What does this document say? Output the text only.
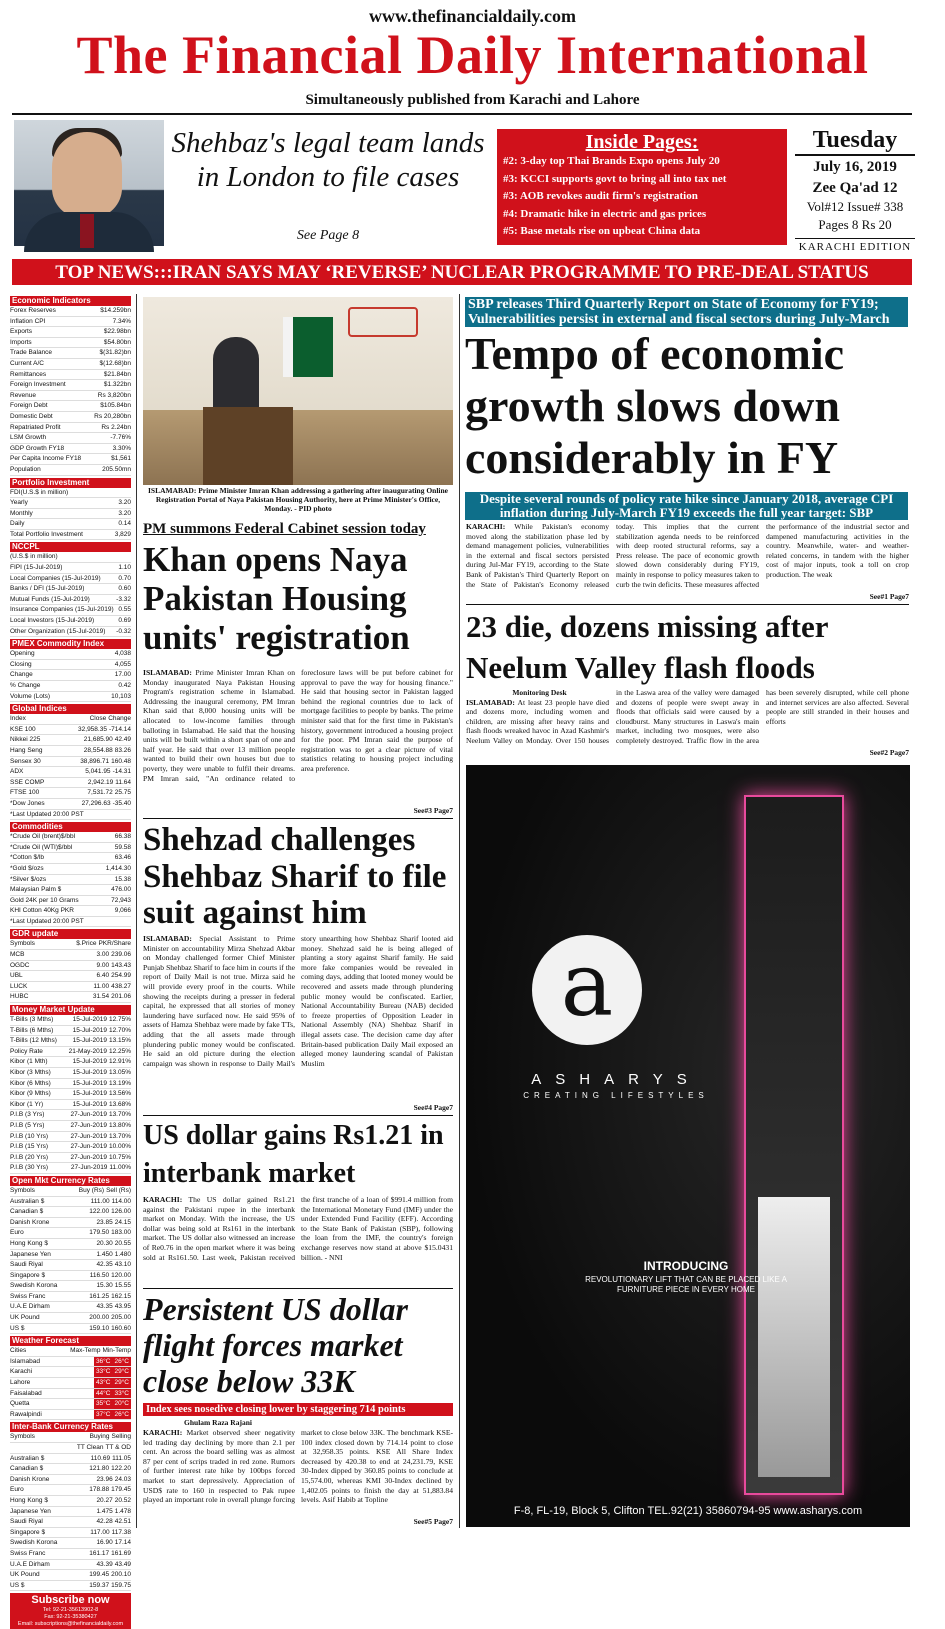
www.thefinancialdaily.com
The Financial Daily International
Simultaneously published from Karachi and Lahore
Shehbaz's legal team lands in London to file cases
See Page 8
Inside Pages:
#2: 3-day top Thai Brands Expo opens July 20
#3: KCCI supports govt to bring all into tax net
#3: AOB revokes audit firm's registration
#4: Dramatic hike in electric and gas prices
#5: Base metals rise on upbeat China data
Tuesday
July 16, 2019
Zee Qa'ad 12
Vol#12 Issue# 338
Pages 8 Rs 20
KARACHI EDITION
TOP NEWS:::IRAN SAYS MAY ‘REVERSE’ NUCLEAR PROGRAMME TO PRE-DEAL STATUS
Economic Indicators
Forex Reserves	$14.259bn
Inflation CPI	7.34%
Exports	$22.98bn
Imports	$54.80bn
Trade Balance	$(31.82)bn
Current A/C	$(12.68)bn
Remittances	$21.84bn
Foreign Investment	$1.322bn
Revenue	Rs 3,820bn
Foreign Debt	$105.84bn
Domestic Debt	Rs 20,280bn
Repatriated Profit	Rs 2.24bn
LSM Growth	-7.76%
GDP Growth FY18	3.30%
Per Capita Income FY18	$1,561
Population	205.50mn
Portfolio Investment
FDI(U.S.$ in million)
Yearly	3.20
Monthly	3.20
Daily	0.14
Total Portfolio Investment	3,829
NCCPL
(U.S.$ in million)
FIPI (15-Jul-2019)	1.10
Local Companies (15-Jul-2019)	0.70
Banks / DFI (15-Jul-2019)	0.60
Mutual Funds (15-Jul-2019)	-3.32
Insurance Companies (15-Jul-2019) 0.55
Local Investors (15-Jul-2019)	0.69
Other Organization (15-Jul-2019)	-0.32
PMEX Commodity Index
Opening	4,038
Closing	4,055
Change	17.00
% Change	0.42
Volume (Lots)	10,103
Global Indices
Index	Close Change
KSE 100	32,958.35 -714.14
Nikkei 225	21,685.90 42.49
Hang Seng	28,554.88 83.26
Sensex 30	38,896.71 160.48
ADX	5,041.95 -14.31
SSE COMP	2,942.19 11.64
FTSE 100	7,531.72 25.75
*Dow Jones	27,296.63 -35.40
*Last Updated 20:00 PST
Commodities
*Crude Oil (brent)$/bbl	66.38
*Crude Oil (WTI)$/bbl	59.58
*Cotton $/lb	63.46
*Gold $/ozs	1,414.30
*Silver $/ozs	15.38
Malaysian Palm $	476.00
Gold 24K per 10 Grams	72,943
KHI Cotton 40Kg PKR	9,066
*Last Updated 20:00 PST
GDR update
Symbols	$.Price PKR/Share
MCB	3.00 239.06
OGDC	9.00 143.43
UBL	6.40 254.99
LUCK	11.00 438.27
HUBC	31.54 201.06
Money Market Update
T-Bills (3 Mths)	15-Jul-2019 12.75%
T-Bills (6 Mths)	15-Jul-2019 12.70%
T-Bills (12 Mths)	15-Jul-2019 13.15%
Policy Rate	21-May-2019 12.25%
Kibor (1 Mth)	15-Jul-2019 12.91%
Kibor (3 Mths)	15-Jul-2019 13.05%
Kibor (6 Mths)	15-Jul-2019 13.19%
Kibor (9 Mths)	15-Jul-2019 13.56%
Kibor (1 Yr)	15-Jul-2019 13.68%
P.I.B (3 Yrs)	27-Jun-2019 13.70%
P.I.B (5 Yrs)	27-Jun-2019 13.80%
P.I.B (10 Yrs)	27-Jun-2019 13.70%
P.I.B (15 Yrs)	27-Jun-2019 10.00%
P.I.B (20 Yrs)	27-Jun-2019 10.75%
P.I.B (30 Yrs)	27-Jun-2019 11.00%
Open Mkt Currency Rates
Symbols	Buy (Rs) Sell (Rs)
Australian $	111.00 114.00
Canadian $	122.00 126.00
Danish Krone	23.85 24.15
Euro	179.50 183.00
Hong Kong $	20.30 20.55
Japanese Yen	1.450 1.480
Saudi Riyal	42.35 43.10
Singapore $	116.50 120.00
Swedish Korona	15.30 15.55
Swiss Franc	161.25 162.15
U.A.E Dirham	43.35 43.95
UK Pound	200.00 205.00
US $	159.10 160.60
Weather Forecast
Cities	Max-Temp Min-Temp
Islamabad	36°C 26°C
Karachi	33°C 29°C
Lahore	43°C 29°C
Faisalabad	44°C 33°C
Quetta	35°C 20°C
Rawalpindi	37°C 26°C
Inter-Bank Currency Rates
Symbols	Buying Selling
TT Clean TT & OD
Australian $	110.69 111.05
Canadian $	121.80 122.20
Danish Krone	23.96 24.03
Euro	178.88 179.45
Hong Kong $	20.27 20.52
Japanese Yen	1.475 1.478
Saudi Riyal	42.28 42.51
Singapore $	117.00 117.38
Swedish Korona	16.90 17.14
Swiss Franc	161.17 161.69
U.A.E Dirham	43.39 43.49
UK Pound	199.45 200.10
US $	159.37 159.75
Subscribe now
Tel: 92-21-35613902-8
Fax: 92-21-35380427
Email: subscriptions@thefinancialdaily.com
ISLAMABAD: Prime Minister Imran Khan addressing a gathering after inaugurating Online Registration Portal of Naya Pakistan Housing Authority, here at Prime Minister's Office, Monday. - PID photo
PM summons Federal Cabinet session today
Khan opens Naya Pakistan Housing units' registration
ISLAMABAD: Prime Minister Imran Khan on Monday inaugurated Naya Pakistan Housing Program's registration scheme in Islamabad. Addressing the inaugural ceremony, PM Imran Khan said that 8,000 housing units will be allocated to low-income families through balloting in Islamabad. He said that the housing units will be built within a short span of one and half year. He said that over 13 million people wanted to build their own houses but due to poverty, they were unable to fulfil their dreams. PM Imran said, "An ordinance related to foreclosure laws will be put before cabinet for approval to pave the way for housing finance." He said that housing sector in Pakistan lagged behind the regional countries due to lack of mortgage facilities to people by banks. The prime minister said that for the first time in Pakistan's history, government introduced a housing project for the poor. PM Imran said the purpose of registration was to get a clear picture of vital statistics relating to housing project including area preference.
See#3 Page7
Shehzad challenges Shehbaz Sharif to file suit against him
ISLAMABAD: Special Assistant to Prime Minister on accountability Mirza Shehzad Akbar on Monday challenged former Chief Minister Punjab Shehbaz Sharif to face him in courts if the report of Daily Mail is not true. Mirza said he will provide every proof in the courts. While showing the receipts during a presser in federal capital, he expressed that all stories of money laundering have surfaced now. He said 95% of assets of Hamza Shehbaz were made by fake TTs, adding that the all assets made through plundering public money would be confiscated. He said an old picture during the election campaign was shown in response to Daily Mail's story unearthing how Shehbaz Sharif looted aid money. Shehzad said he is being alleged of planting a story against Sharif family. He said more fake companies would be revealed in coming days, adding that looted money would be recovered and assets made through plundering public money would be confiscated. Earlier, National Accountability Bureau (NAB) decided to freeze properties of Opposition Leader in National Assembly (NA) Shehbaz Sharif in illegal assets case. The decision came day after Britain-based publication Daily Mail exposed an alleged money laundering scandal of Pakistan Muslim
See#4 Page7
US dollar gains Rs1.21 in interbank market
KARACHI: The US dollar gained Rs1.21 against the Pakistani rupee in the interbank market on Monday. With the increase, the US dollar was being sold at Rs161 in the interbank market. The US dollar also witnessed an increase of Re0.76 in the open market where it was being sold at Rs161.50. Last week, Pakistan received the first tranche of a loan of $991.4 million from the International Monetary Fund (IMF) under the under Extended Fund Facility (EFF). According to the State Bank of Pakistan (SBP), following the loan from the IMF, the country's foreign exchange reserves now stand at above $15.0431 billion. - NNI
Persistent US dollar flight forces market close below 33K
Index sees nosedive closing lower by staggering 714 points
Ghulam Raza Rajani
KARACHI: Market observed sheer negativity led trading day declining by more than 2.1 per cent. An across the board selling was as almost 87 per cent of scrips traded in red zone. Rumors of further interest rate hike by 100bps forced market to start depressively. Appreciation of USD$ rate to 160 in respected to Pak rupee played an important role in overall plunge forcing market to close below 33K. The benchmark KSE-100 index closed down by 714.14 point to close at 32,958.35 points. KSE All Share Index decreased by 420.38 to end at 24,231.79, KSE 30-Index dipped by 360.85 points to conclude at 15,574.00, whereas KMI 30-Index declined by 1,402.05 points to finish the day at 51,883.84 levels. Asif Habib at Topline
See#5 Page7
SBP releases Third Quarterly Report on State of Economy for FY19; Vulnerabilities persist in external and fiscal sectors during July-March
Tempo of economic growth slows down considerably in FY
Despite several rounds of policy rate hike since January 2018, average CPI inflation during July-March FY19 exceeds the full year target: SBP
KARACHI: While Pakistan's economy moved along the stabilization phase led by demand management policies, vulnerabilities in the external and fiscal sectors persisted during Jul-Mar FY19, according to the State Bank of Pakistan's Third Quarterly Report on the State of Pakistan's Economy released today. This implies that the current stabilization agenda needs to be reinforced with deep rooted structural reforms, say a Press release. The pace of economic growth slowed down considerably during FY19, mainly in response to policy measures taken to curb the twin deficits. These measures affected the performance of the industrial sector and dampened manufacturing activities in the country. Meanwhile, water- and weather-related concerns, in tandem with the higher cost of major inputs, took a toll on crop production. The weak
See#1 Page7
23 die, dozens missing after Neelum Valley flash floods
Monitoring Desk
ISLAMABAD: At least 23 people have died and dozens more, including women and children, are missing after heavy rains and flash floods wreaked havoc in Azad Kashmir's Neelum Valley on Monday. Over 150 houses in the Laswa area of the valley were damaged and dozens of people were swept away in floods that officials said were caused by a cloudburst. Many structures in Laswa's main market, including two mosques, were also completely destroyed. Traffic flow in the area has been severely disrupted, while cell phone and internet services are also affected. Several people are still stranded in their houses and efforts
See#2 Page7
a
ASHARYS
CREATING LIFESTYLES
INTRODUCING
REVOLUTIONARY LIFT THAT CAN BE PLACED LIKE A
FURNITURE PIECE IN EVERY HOME
F-8, FL-19, Block 5, Clifton TEL.92(21) 35860794-95 www.asharys.com
